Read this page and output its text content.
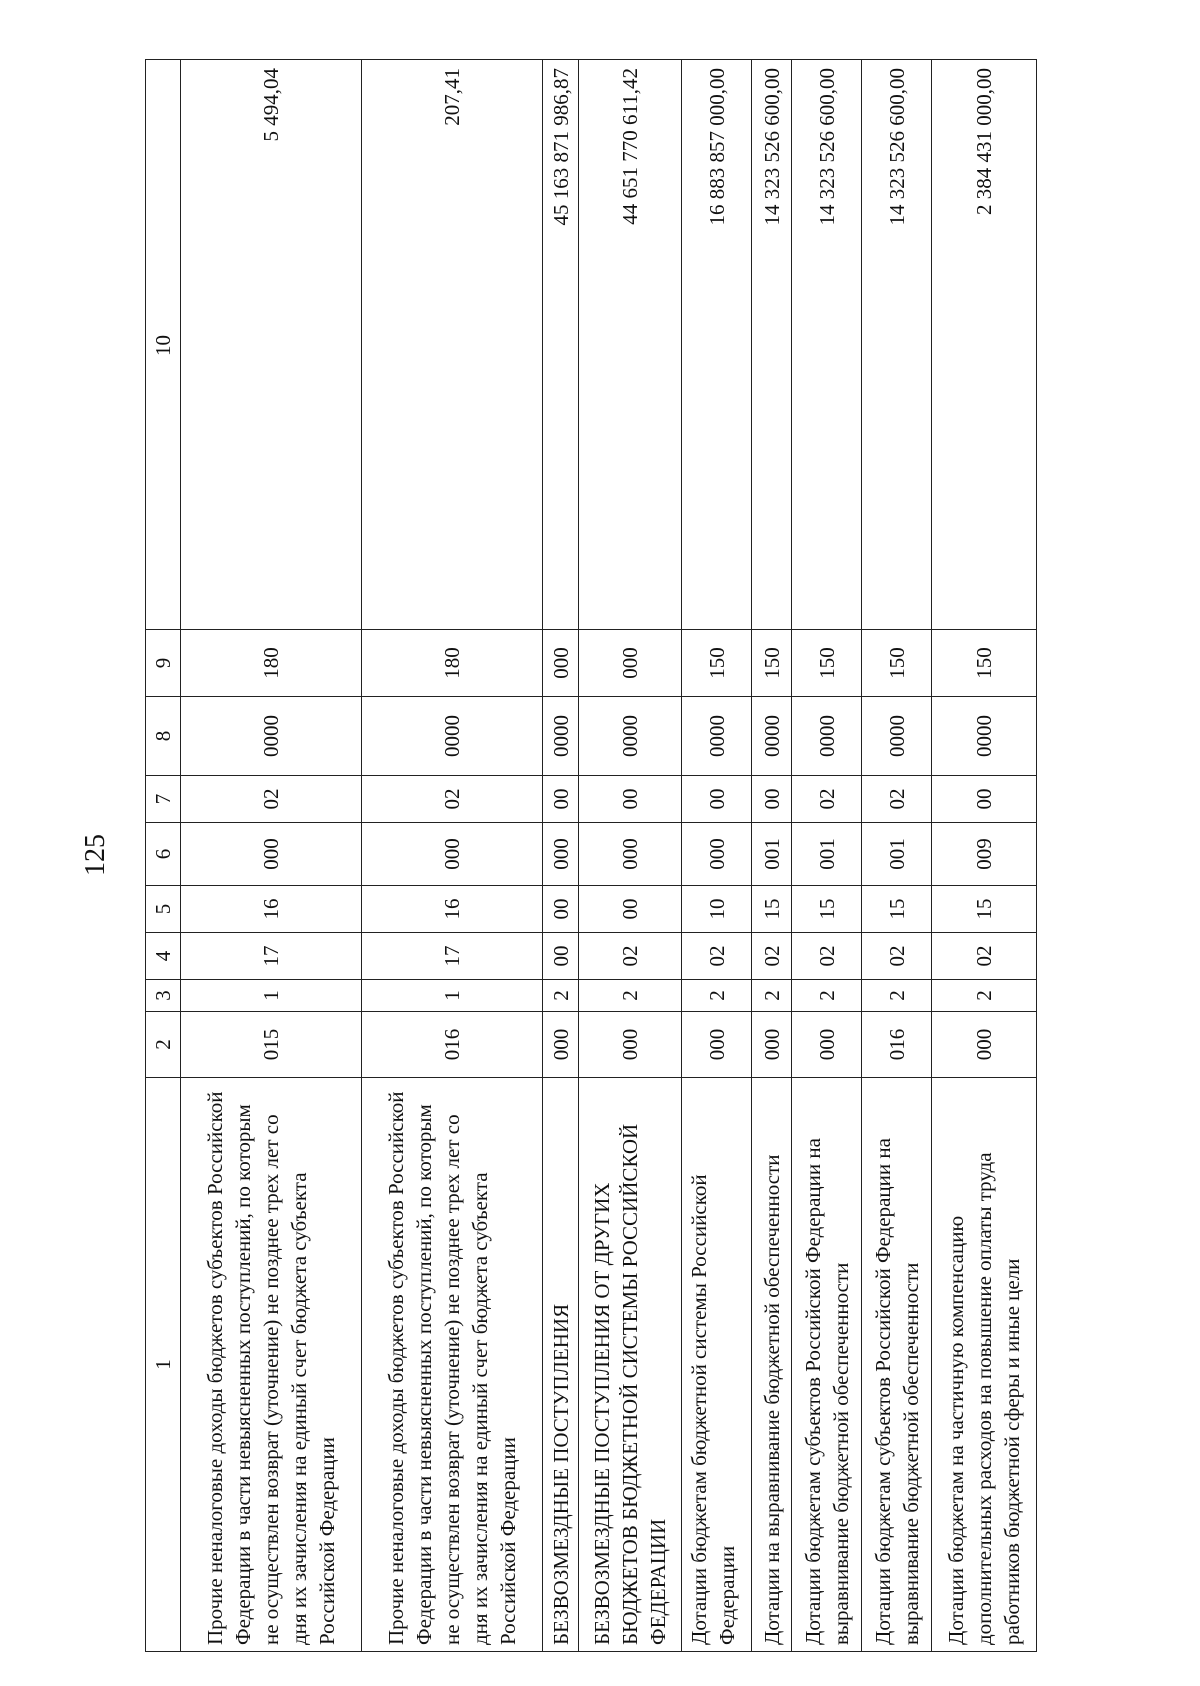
125
1	2	3	4	5	6	7	8	9	10
Прочие неналоговые доходы бюджетов субъектов Российской Федерации в части невыясненных поступлений, по которым не осуществлен возврат (уточнение) не позднее трех лет со дня их зачисления на единый счет бюджета субъекта Российской Федерации	015	1	17	16	000	02	0000	180	5 494,04
Прочие неналоговые доходы бюджетов субъектов Российской Федерации в части невыясненных поступлений, по которым не осуществлен возврат (уточнение) не позднее трех лет со дня их зачисления на единый счет бюджета субъекта Российской Федерации	016	1	17	16	000	02	0000	180	207,41
БЕЗВОЗМЕЗДНЫЕ ПОСТУПЛЕНИЯ	000	2	00	00	000	00	0000	000	45 163 871 986,87
БЕЗВОЗМЕЗДНЫЕ ПОСТУПЛЕНИЯ ОТ ДРУГИХ БЮДЖЕТОВ БЮДЖЕТНОЙ СИСТЕМЫ РОССИЙСКОЙ ФЕДЕРАЦИИ	000	2	02	00	000	00	0000	000	44 651 770 611,42
Дотации бюджетам бюджетной системы Российской Федерации	000	2	02	10	000	00	0000	150	16 883 857 000,00
Дотации на выравнивание бюджетной обеспеченности	000	2	02	15	001	00	0000	150	14 323 526 600,00
Дотации бюджетам субъектов Российской Федерации на выравнивание бюджетной обеспеченности	000	2	02	15	001	02	0000	150	14 323 526 600,00
Дотации бюджетам субъектов Российской Федерации на выравнивание бюджетной обеспеченности	016	2	02	15	001	02	0000	150	14 323 526 600,00
Дотации бюджетам на частичную компенсацию дополнительных расходов на повышение оплаты труда работников бюджетной сферы и иные цели	000	2	02	15	009	00	0000	150	2 384 431 000,00
